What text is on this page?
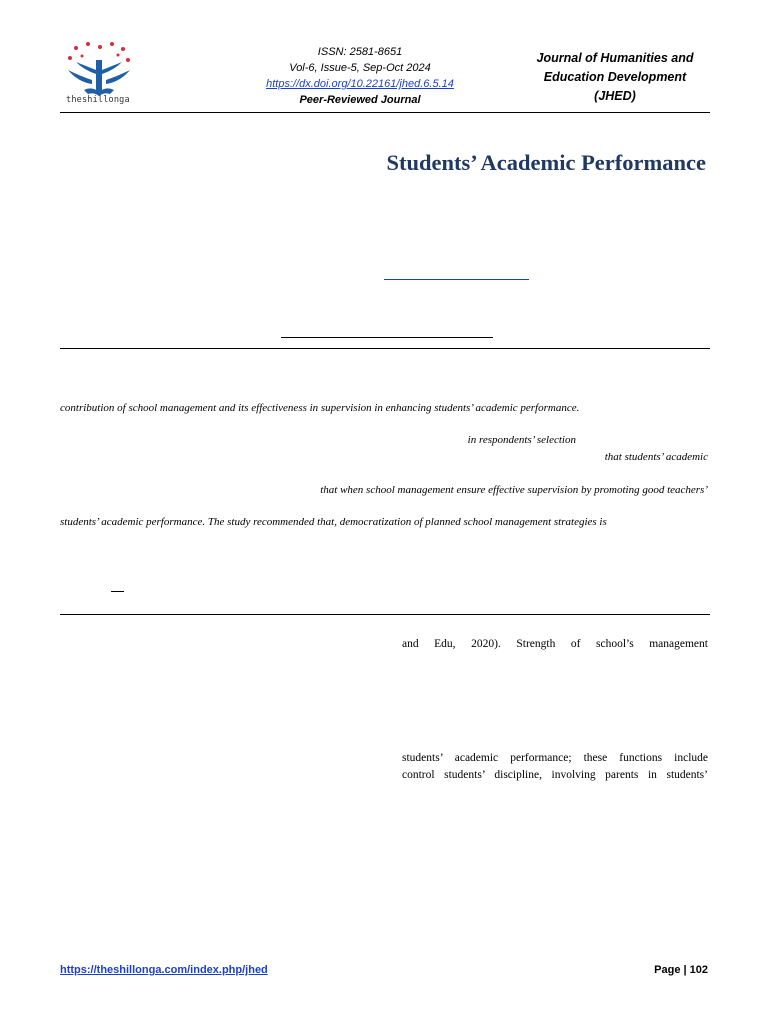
theshillonga
ISSN: 2581-8651
Vol-6, Issue-5, Sep-Oct 2024
https://dx.doi.org/10.22161/jhed.6.5.14
Peer-Reviewed Journal
Journal of Humanities and
Education Development
(JHED)
Students’ Academic Performance
contribution of school management and its effectiveness in supervision in enhancing students’ academic performance.
in respondents’ selection
that students’ academic
that when school management ensure effective supervision by promoting good teachers’
students’ academic performance. The study recommended that, democratization of planned school management strategies is
and Edu, 2020). Strength of school’s management
students’ academic performance; these functions include
control students’ discipline, involving parents in students’
https://theshillonga.com/index.php/jhed	Page | 102
